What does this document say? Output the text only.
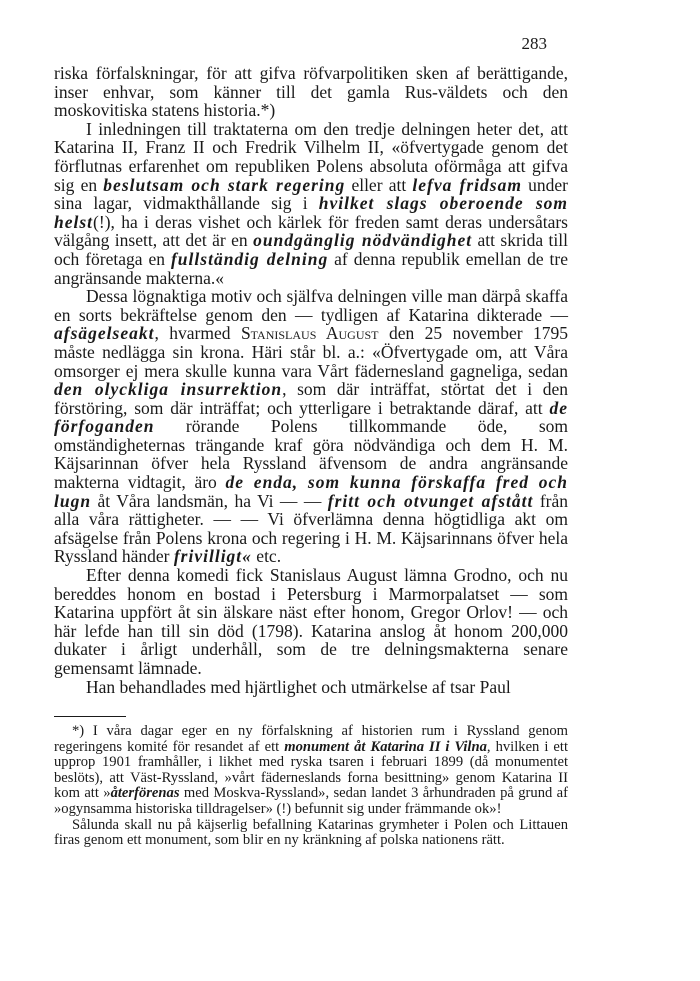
283

riska förfalskningar, för att gifva röfvarpolitiken sken af berättigande, inser enhvar, som känner till det gamla Rus-väldets och den moskovitiska statens historia.*)

I inledningen till traktaterna om den tredje delningen heter det, att Katarina II, Franz II och Fredrik Vilhelm II, «öfvertygade genom det förflutnas erfarenhet om republiken Polens absoluta oförmåga att gifva sig en beslutsam och stark regering eller att lefva fridsam under sina lagar, vidmakthållande sig i hvilket slags oberoende som helst(!), ha i deras vishet och kärlek för freden samt deras undersåtars välgång insett, att det är en oundgänglig nödvändighet att skrida till och företaga en fullständig delning af denna republik emellan de tre angränsande makterna.«

Dessa lögnaktiga motiv och själfva delningen ville man därpå skaffa en sorts bekräftelse genom den — tydligen af Katarina dikterade — afsägelseakt, hvarmed Stanislaus August den 25 november 1795 måste nedlägga sin krona. Häri står bl. a.: «Öfvertygade om, att Våra omsorger ej mera skulle kunna vara Vårt fädernesland gagneliga, sedan den olyckliga insurrektion, som där inträffat, störtat det i den förstöring, som där inträffat; och ytterligare i betraktande däraf, att de förfoganden rörande Polens tillkommande öde, som omständigheternas trängande kraf göra nödvändiga och dem H. M. Käjsarinnan öfver hela Ryssland äfvensom de andra angränsande makterna vidtagit, äro de enda, som kunna förskaffa fred och lugn åt Våra landsmän, ha Vi — — fritt och otvunget afstått från alla våra rättigheter. — — Vi öfverlämna denna högtidliga akt om afsägelse från Polens krona och regering i H. M. Käjsarinnans öfver hela Ryssland händer frivilligt« etc.

Efter denna komedi fick Stanislaus August lämna Grodno, och nu bereddes honom en bostad i Petersburg i Marmorpalatset — som Katarina uppfört åt sin älskare näst efter honom, Gregor Orlov! — och här lefde han till sin död (1798). Katarina anslog åt honom 200,000 dukater i årligt underhåll, som de tre delningsmakterna senare gemensamt lämnade.

Han behandlades med hjärtlighet och utmärkelse af tsar Paul

*) I våra dagar eger en ny förfalskning af historien rum i Ryssland genom regeringens komité för resandet af ett monument åt Katarina II i Vilna, hvilken i ett upprop 1901 framhåller, i likhet med ryska tsaren i februari 1899 (då monumentet beslöts), att Väst-Ryssland, »vårt fäderneslands forna besittning» genom Katarina II kom att »återförenas med Moskva-Ryssland», sedan landet 3 århundraden på grund af »ogynsamma historiska tilldragelser» (!) befunnit sig under främmande ok»!

Sålunda skall nu på käjserlig befallning Katarinas grymheter i Polen och Littauen firas genom ett monument, som blir en ny kränkning af polska nationens rätt.
